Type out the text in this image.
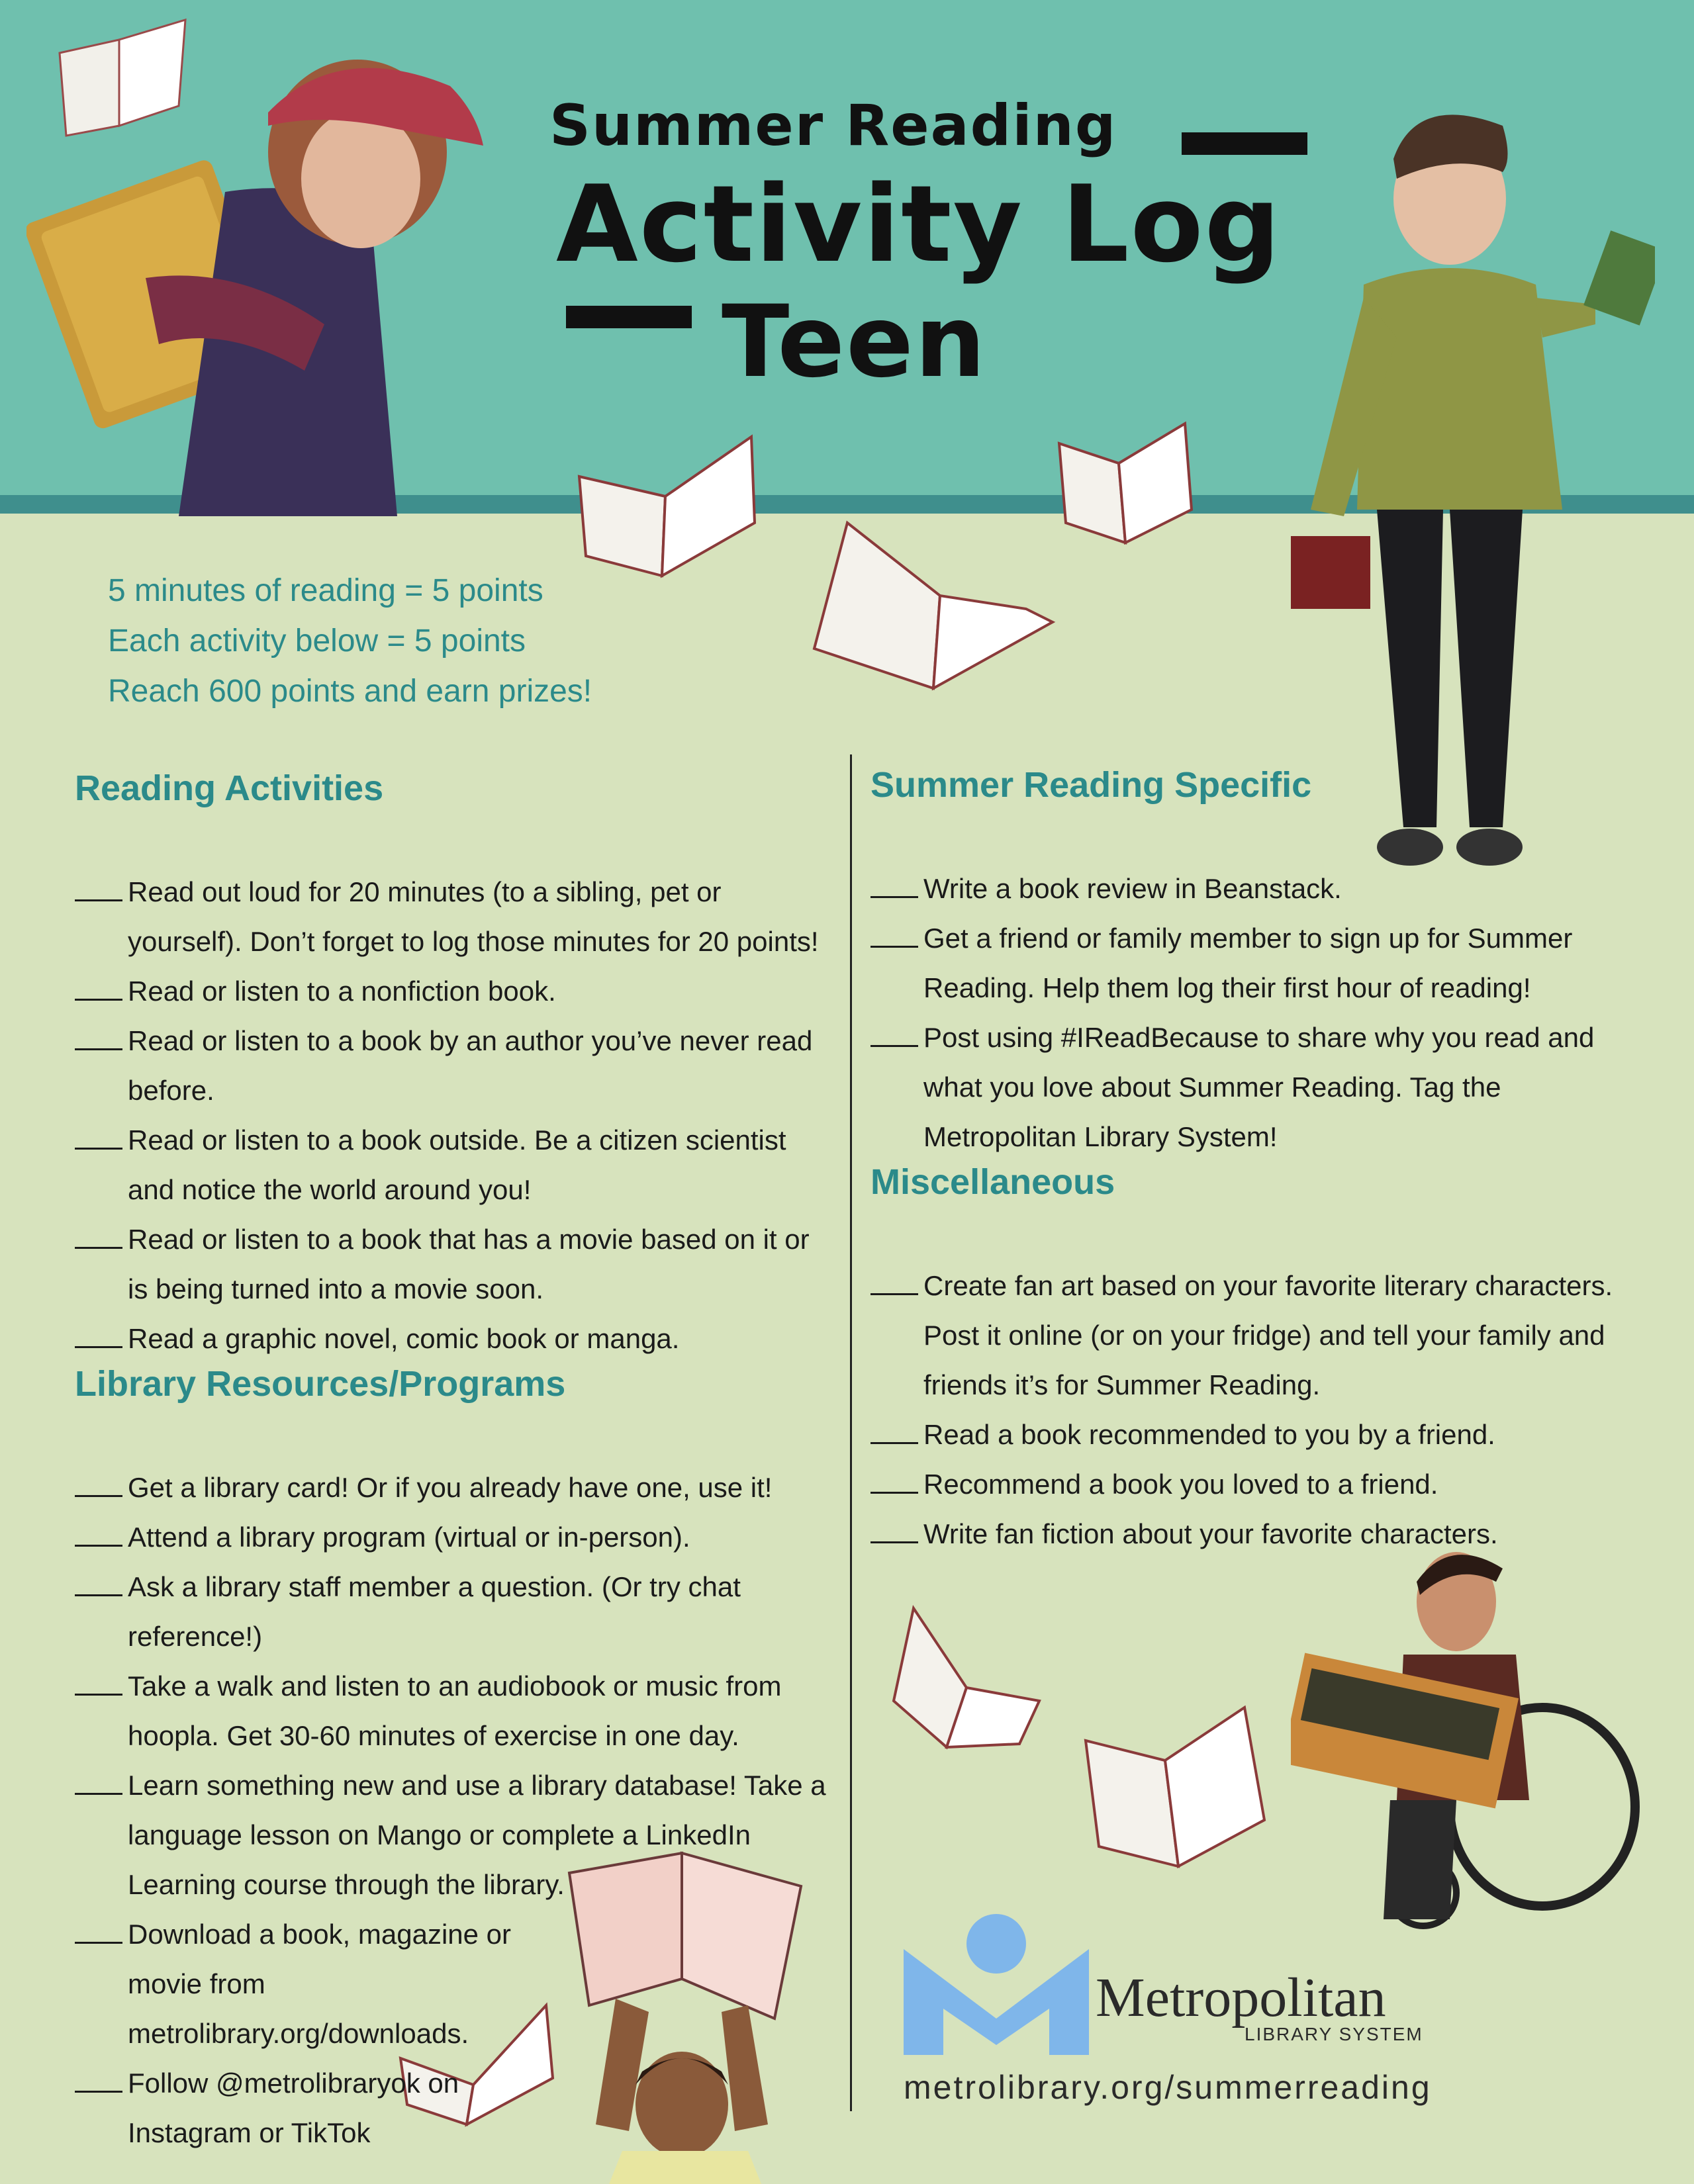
Summer Reading
Activity Log
Teen
5 minutes of reading = 5 points
Each activity below = 5 points
Reach 600 points and earn prizes!
Reading Activities
Read out loud for 20 minutes (to a sibling, pet or yourself). Don’t forget to log those minutes for 20 points!
Read or listen to a nonfiction book.
Read or listen to a book by an author you’ve never read before.
Read or listen to a book outside. Be a citizen scientist and notice the world around you!
Read or listen to a book that has a movie based on it or is being turned into a movie soon.
Read a graphic novel, comic book or manga.
Library Resources/Programs
Get a library card! Or if you already have one, use it!
Attend a library program (virtual or in-person).
Ask a library staff member a question. (Or try chat reference!)
Take a walk and listen to an audiobook or music from hoopla. Get 30-60 minutes of exercise in one day.
Learn something new and use a library database! Take a language lesson on Mango or complete a LinkedIn Learning course through the library.
Download a book, magazine or movie from metrolibrary.org/downloads.
Follow @metrolibraryok on Instagram or TikTok
Summer Reading Specific
Write a book review in Beanstack.
Get a friend or family member to sign up for Summer Reading. Help them log their first hour of reading!
Post using #IReadBecause to share why you read and what you love about Summer Reading. Tag the Metropolitan Library System!
Miscellaneous
Create fan art based on your favorite literary characters. Post it online (or on your fridge) and tell your family and friends it’s for Summer Reading.
Read a book recommended to you by a friend.
Recommend a book you loved to a friend.
Write fan fiction about your favorite characters.
Metropolitan
LIBRARY SYSTEM
metrolibrary.org/summerreading
